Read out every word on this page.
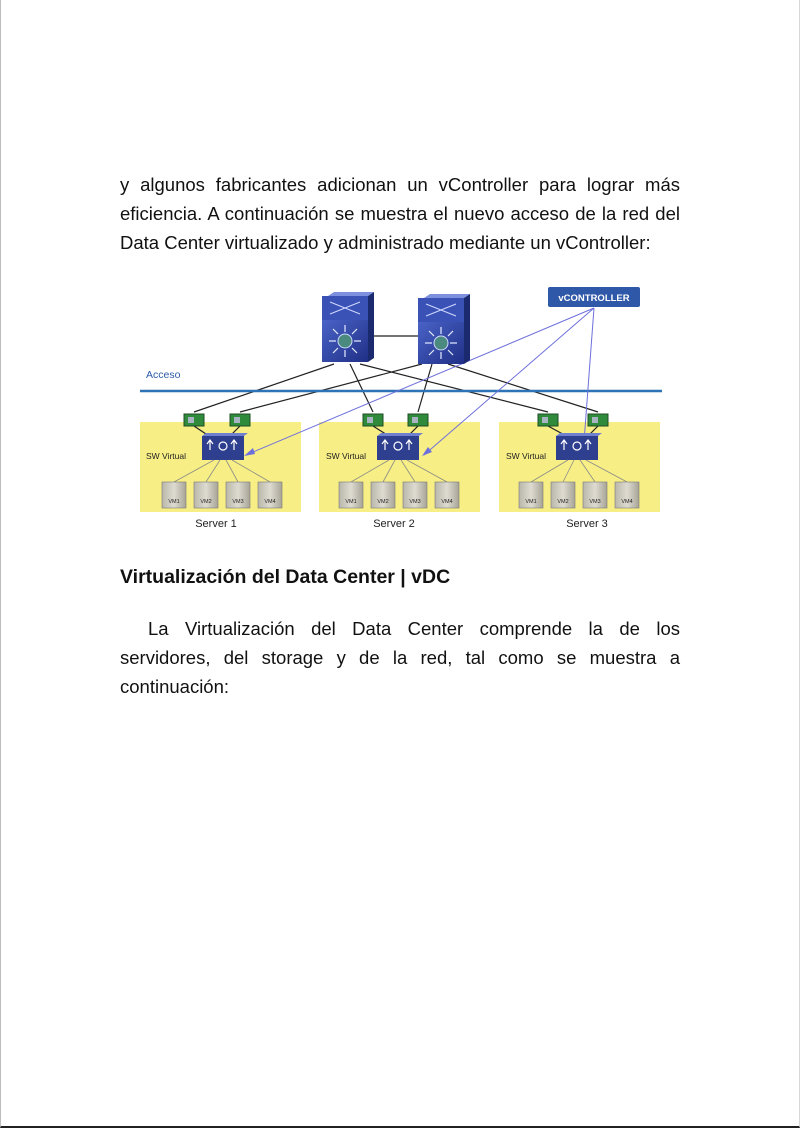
y algunos fabricantes adicionan un vController para lograr más
eficiencia. A continuación se muestra el nuevo acceso de la red del
Data Center virtualizado y administrado mediante un vController:
Acceso
vCONTROLLER
SW Virtual	SW Virtual	SW Virtual
VM1	VM2	VM3	VM4	VM1	VM2	VM3	VM4	VM1	VM2	VM3	VM4
Server 1	Server 2	Server 3
Virtualización del Data Center | vDC
La Virtualización del Data Center comprende la de los
servidores, del storage y de la red, tal como se muestra a
continuación:
